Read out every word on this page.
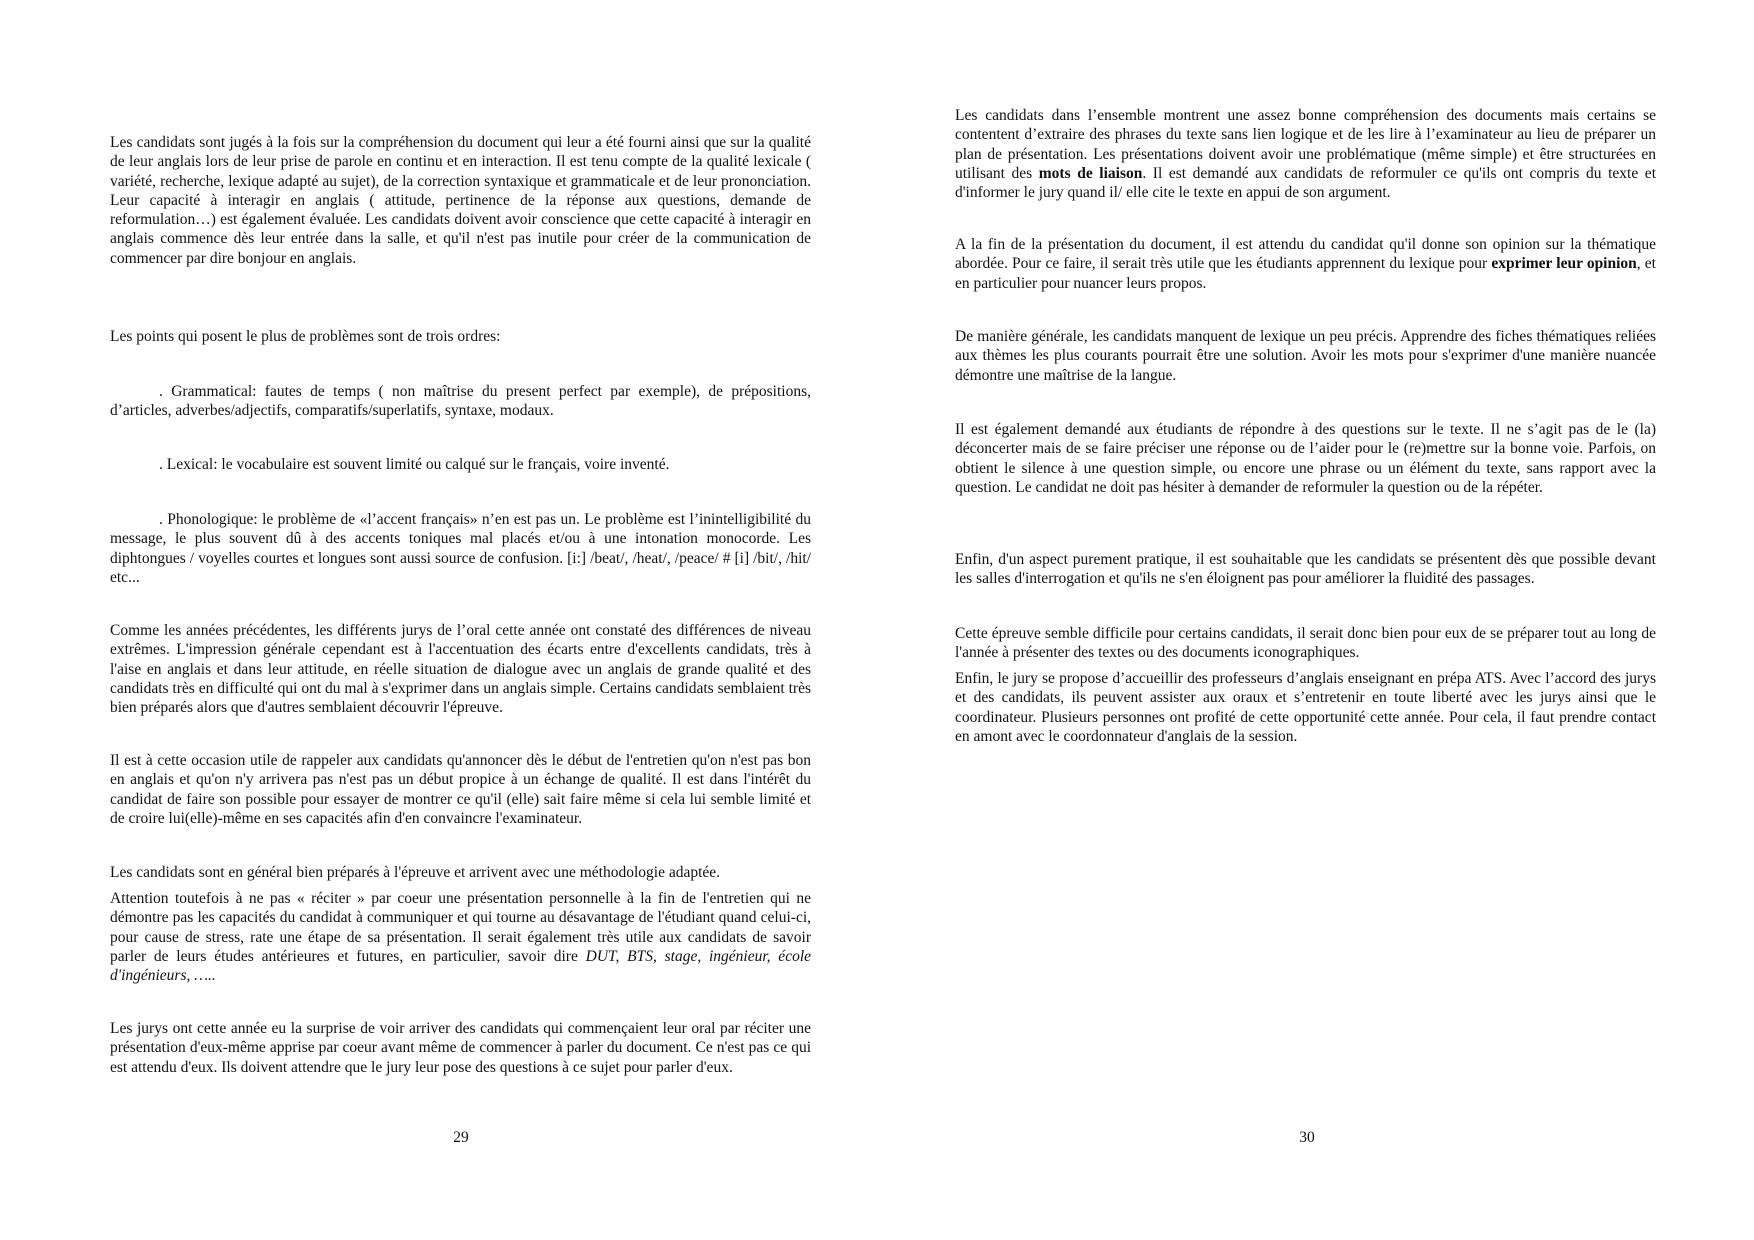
Les candidats sont jugés à la fois sur la compréhension du document qui leur a été fourni ainsi que sur la qualité de leur anglais lors de leur prise de parole en continu et en interaction. Il est tenu compte de la qualité lexicale ( variété, recherche, lexique adapté au sujet), de la correction syntaxique et grammaticale et de leur prononciation. Leur capacité à interagir en anglais ( attitude, pertinence de la réponse aux questions, demande de reformulation…) est également évaluée. Les candidats doivent avoir conscience que cette capacité à interagir en anglais commence dès leur entrée dans la salle, et qu'il n'est pas inutile pour créer de la communication de commencer par dire bonjour en anglais.

Les points qui posent le plus de problèmes sont de trois ordres:

. Grammatical: fautes de temps ( non maîtrise du present perfect par exemple), de prépositions, d’articles, adverbes/adjectifs, comparatifs/superlatifs, syntaxe, modaux.

. Lexical: le vocabulaire est souvent limité ou calqué sur le français, voire inventé.

. Phonologique: le problème de «l’accent français» n’en est pas un. Le problème est l’inintelligibilité du message, le plus souvent dû à des accents toniques mal placés et/ou à une intonation monocorde. Les diphtongues / voyelles courtes et longues sont aussi source de confusion. [i:] /beat/, /heat/, /peace/ # [i] /bit/, /hit/ etc...

Comme les années précédentes, les différents jurys de l’oral cette année ont constaté des différences de niveau extrêmes. L'impression générale cependant est à l'accentuation des écarts entre d'excellents candidats, très à l'aise en anglais et dans leur attitude, en réelle situation de dialogue avec un anglais de grande qualité et des candidats très en difficulté qui ont du mal à s'exprimer dans un anglais simple. Certains candidats semblaient très bien préparés alors que d'autres semblaient découvrir l'épreuve.

Il est à cette occasion utile de rappeler aux candidats qu'annoncer dès le début de l'entretien qu'on n'est pas bon en anglais et qu'on n'y arrivera pas n'est pas un début propice à un échange de qualité. Il est dans l'intérêt du candidat de faire son possible pour essayer de montrer ce qu'il (elle) sait faire même si cela lui semble limité et de croire lui(elle)-même en ses capacités afin d'en convaincre l'examinateur.

Les candidats sont en général bien préparés à l'épreuve et arrivent avec une méthodologie adaptée.

Attention toutefois à ne pas « réciter » par coeur une présentation personnelle à la fin de l'entretien qui ne démontre pas les capacités du candidat à communiquer et qui tourne au désavantage de l'étudiant quand celui-ci, pour cause de stress, rate une étape de sa présentation. Il serait également très utile aux candidats de savoir parler de leurs études antérieures et futures, en particulier, savoir dire DUT, BTS, stage, ingénieur, école d'ingénieurs, …..

Les jurys ont cette année eu la surprise de voir arriver des candidats qui commençaient leur oral par réciter une présentation d'eux-même apprise par coeur avant même de commencer à parler du document. Ce n'est pas ce qui est attendu d'eux. Ils doivent attendre que le jury leur pose des questions à ce sujet pour parler d'eux.

29

Les candidats dans l’ensemble montrent une assez bonne compréhension des documents mais certains se contentent d’extraire des phrases du texte sans lien logique et de les lire à l’examinateur au lieu de préparer un plan de présentation. Les présentations doivent avoir une problématique (même simple) et être structurées en utilisant des mots de liaison. Il est demandé aux candidats de reformuler ce qu'ils ont compris du texte et d'informer le jury quand il/ elle cite le texte en appui de son argument.

A la fin de la présentation du document, il est attendu du candidat qu'il donne son opinion sur la thématique abordée. Pour ce faire, il serait très utile que les étudiants apprennent du lexique pour exprimer leur opinion, et en particulier pour nuancer leurs propos.

De manière générale, les candidats manquent de lexique un peu précis. Apprendre des fiches thématiques reliées aux thèmes les plus courants pourrait être une solution. Avoir les mots pour s'exprimer d'une manière nuancée démontre une maîtrise de la langue.

Il est également demandé aux étudiants de répondre à des questions sur le texte. Il ne s’agit pas de le (la) déconcerter mais de se faire préciser une réponse ou de l’aider pour le (re)mettre sur la bonne voie. Parfois, on obtient le silence à une question simple, ou encore une phrase ou un élément du texte, sans rapport avec la question. Le candidat ne doit pas hésiter à demander de reformuler la question ou de la répéter.

Enfin, d'un aspect purement pratique, il est souhaitable que les candidats se présentent dès que possible devant les salles d'interrogation et qu'ils ne s'en éloignent pas pour améliorer la fluidité des passages.

Cette épreuve semble difficile pour certains candidats, il serait donc bien pour eux de se préparer tout au long de l'année à présenter des textes ou des documents iconographiques.

Enfin, le jury se propose d’accueillir des professeurs d’anglais enseignant en prépa ATS. Avec l’accord des jurys et des candidats, ils peuvent assister aux oraux et s’entretenir en toute liberté avec les jurys ainsi que le coordinateur. Plusieurs personnes ont profité de cette opportunité cette année. Pour cela, il faut prendre contact en amont avec le coordonnateur d'anglais de la session.

30
